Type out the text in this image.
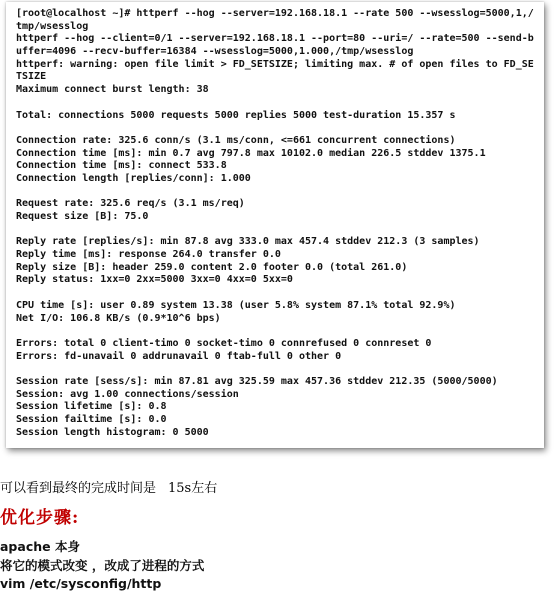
[root@localhost ~]# httperf --hog --server=192.168.18.1 --rate 500 --wsesslog=5000,1,/
tmp/wsesslog
httperf --hog --client=0/1 --server=192.168.18.1 --port=80 --uri=/ --rate=500 --send-b
uffer=4096 --recv-buffer=16384 --wsesslog=5000,1.000,/tmp/wsesslog
httperf: warning: open file limit > FD_SETSIZE; limiting max. # of open files to FD_SE
TSIZE
Maximum connect burst length: 38
Total: connections 5000 requests 5000 replies 5000 test-duration 15.357 s
Connection rate: 325.6 conn/s (3.1 ms/conn, <=661 concurrent connections)
Connection time [ms]: min 0.7 avg 797.8 max 10102.0 median 226.5 stddev 1375.1
Connection time [ms]: connect 533.8
Connection length [replies/conn]: 1.000
Request rate: 325.6 req/s (3.1 ms/req)
Request size [B]: 75.0
Reply rate [replies/s]: min 87.8 avg 333.0 max 457.4 stddev 212.3 (3 samples)
Reply time [ms]: response 264.0 transfer 0.0
Reply size [B]: header 259.0 content 2.0 footer 0.0 (total 261.0)
Reply status: 1xx=0 2xx=5000 3xx=0 4xx=0 5xx=0
CPU time [s]: user 0.89 system 13.38 (user 5.8% system 87.1% total 92.9%)
Net I/O: 106.8 KB/s (0.9*10^6 bps)
Errors: total 0 client-timo 0 socket-timo 0 connrefused 0 connreset 0
Errors: fd-unavail 0 addrunavail 0 ftab-full 0 other 0
Session rate [sess/s]: min 87.81 avg 325.59 max 457.36 stddev 212.35 (5000/5000)
Session: avg 1.00 connections/session
Session lifetime [s]: 0.8
Session failtime [s]: 0.0
Session length histogram: 0 5000
可以看到最终的完成时间是 15s左右
优化步骤:
apache 本身
将它的模式改变 ，改成了进程的方式
vim /etc/sysconfig/http
